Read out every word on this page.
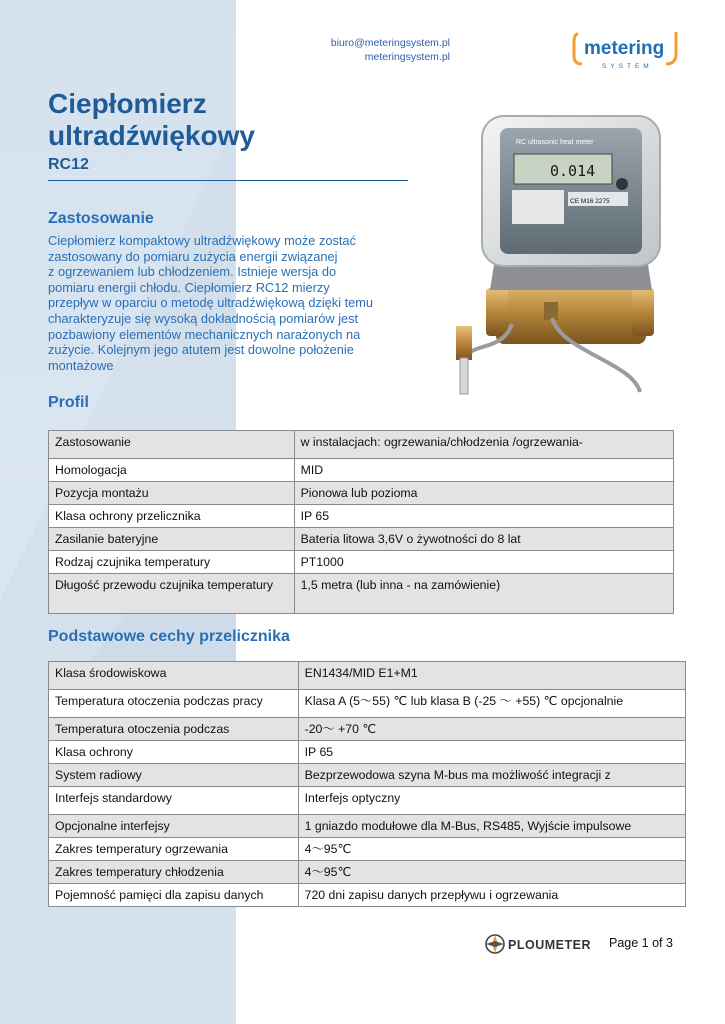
biuro@meteringsystem.pl
meteringsystem.pl	metering
SYSTEM
Ciepłomierz
ultradźwiękowy
RC12
Zastosowanie
Ciepłomierz kompaktowy ultradźwiękowy może zostać
zastosowany do pomiaru zużycia energii związanej
z ogrzewaniem lub chłodzeniem. Istnieje wersja do
pomiaru energii chłodu. Ciepłomierz RC12 mierzy
przepływ w oparciu o metodę ultradźwiękową dzięki temu
charakteryzuje się wysoką dokładnością pomiarów jest
pozbawiony elementów mechanicznych narażonych na
zużycie. Kolejnym jego atutem jest dowolne położenie
montażowe
RC ultrasonic heat meter
0.014
CE M16 2275
Profil
Zastosowanie	w instalacjach: ogrzewania/chłodzenia /ogrzewania-
Homologacja	MID
Pozycja montażu	Pionowa lub pozioma
Klasa ochrony przelicznika	IP 65
Zasilanie bateryjne	Bateria litowa 3,6V o żywotności do 8 lat
Rodzaj czujnika temperatury	PT1000
Długość przewodu czujnika temperatury	1,5 metra (lub inna - na zamówienie)
Podstawowe cechy przelicznika
Klasa środowiskowa	EN1434/MID E1+M1
Temperatura otoczenia podczas pracy	Klasa A (5～55) ℃ lub klasa B (-25 ～ +55) ℃ opcjonalnie
Temperatura otoczenia podczas	-20～ +70 ℃
Klasa ochrony	IP 65
System radiowy	Bezprzewodowa szyna M-bus ma możliwość integracji z
Interfejs standardowy	Interfejs optyczny
Opcjonalne interfejsy	1 gniazdo modułowe dla M-Bus, RS485, Wyjście impulsowe
Zakres temperatury ogrzewania	4～95℃
Zakres temperatury chłodzenia	4～95℃
Pojemność pamięci dla zapisu danych	720 dni zapisu danych przepływu i ogrzewania
PLOUMETER Page 1 of 3
